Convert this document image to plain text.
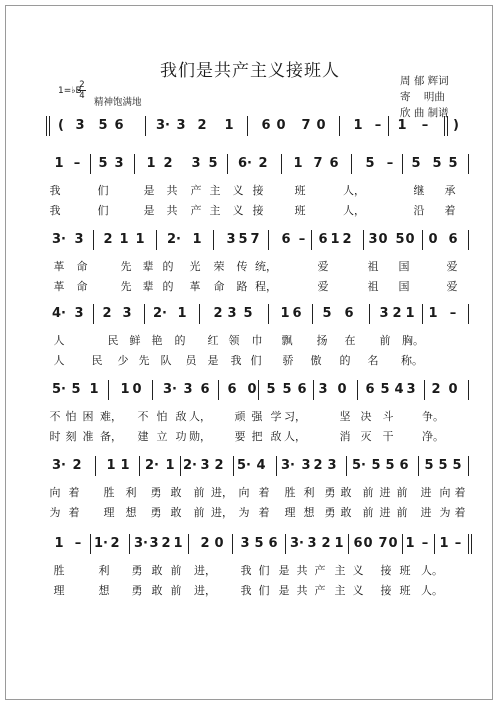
我们是共产主义接班人	周 郁 辉词
寄    明曲
欣 曲 制谱
1=♭B
2
4
精神饱满地
( 3 5 6 3· 3 2 1 6 0 7 0 1 – 1 – )
1 – 5 3 1 2 3 5 6· 2 1 7 6 5 – 5 5 5
我	们	是 共 产 主 义 接	班	人，	继 承
我	们	是 共 产 主 义 接	班	人，	沿 着
3· 3 2 1 1 2· 1 3 5 7 6 – 6 1 2 3 0 5 0 0 6
革 命	先 辈 的 光 荣 传 统，	爱	祖 国	爱
革 命	先 辈 的 革 命 路 程，	爱	祖 国	爱
4· 3 2 3 2· 1 2 3 5 1 6 5 6 3 2 1 1 –
人	民 鲜 艳 的 红 领 巾 飘 扬 在 前 胸。
人 民 少 先 队 员 是 我 们 骄 傲 的 名 称。
5· 5 1 1 0 3· 3 6 6 0 5 5 6 3 0 6 5 4 3 2 0
不 怕 困 难， 不 怕 敌 人， 顽 强 学 习，	坚 决 斗	争。
时 刻 准 备， 建 立 功 勋， 要 把 敌 人，	消 灭 干	净。
3· 2 1 1 2· 1 2· 3 2 5· 4 3· 3 2 3 5· 5 5 6 5 5 5
向 着 胜 利 勇 敢 前 进， 向 着 胜 利 勇 敢 前 进 前 进 向 着
为 着 理 想 勇 敢 前 进， 为 着 理 想 勇 敢 前 进 前 进 为 着
1 – 1· 2 3· 3 2 1 2 0 3 5 6 3· 3 2 1 6 0 7 0 1 – 1 –
胜	利 勇 敢 前 进， 我 们 是 共 产 主 义 接 班 人。
理	想 勇 敢 前 进， 我 们 是 共 产 主 义 接 班 人。
